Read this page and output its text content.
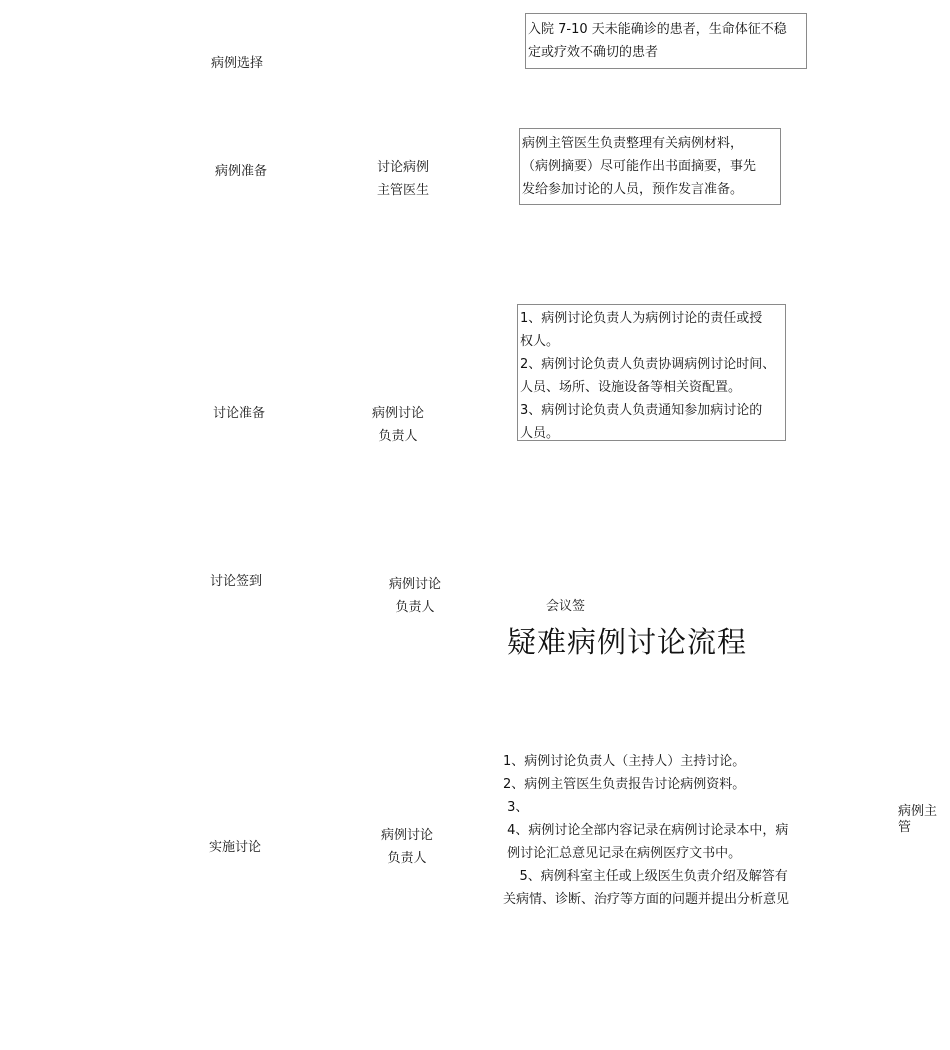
病例选择
病例准备
讨论准备
讨论签到
实施讨论
讨论病例
主管医生
病例讨论
负责人
病例讨论
负责人
病例讨论
负责人
入院 7-10 天未能确诊的患者，生命体征不稳
定或疗效不确切的患者
病例主管医生负责整理有关病例材料，
（病例摘要）尽可能作出书面摘要，事先
发给参加讨论的人员，预作发言准备。
1、病例讨论负责人为病例讨论的责任或授
权人。
2、病例讨论负责人负责协调病例讨论时间、
人员、场所、设施设备等相关资配置。
3、病例讨论负责人负责通知参加病讨论的
人员。
会议签
疑难病例讨论流程
1、病例讨论负责人（主持人）主持讨论。
2、病例主管医生负责报告讨论病例资料。
3、
4、病例讨论全部内容记录在病例讨论录本中，病
例讨论汇总意见记录在病例医疗文书中。
5、病例科室主任或上级医生负责介绍及解答有
关病情、诊断、治疗等方面的问题并提出分析意见
病例主
管
